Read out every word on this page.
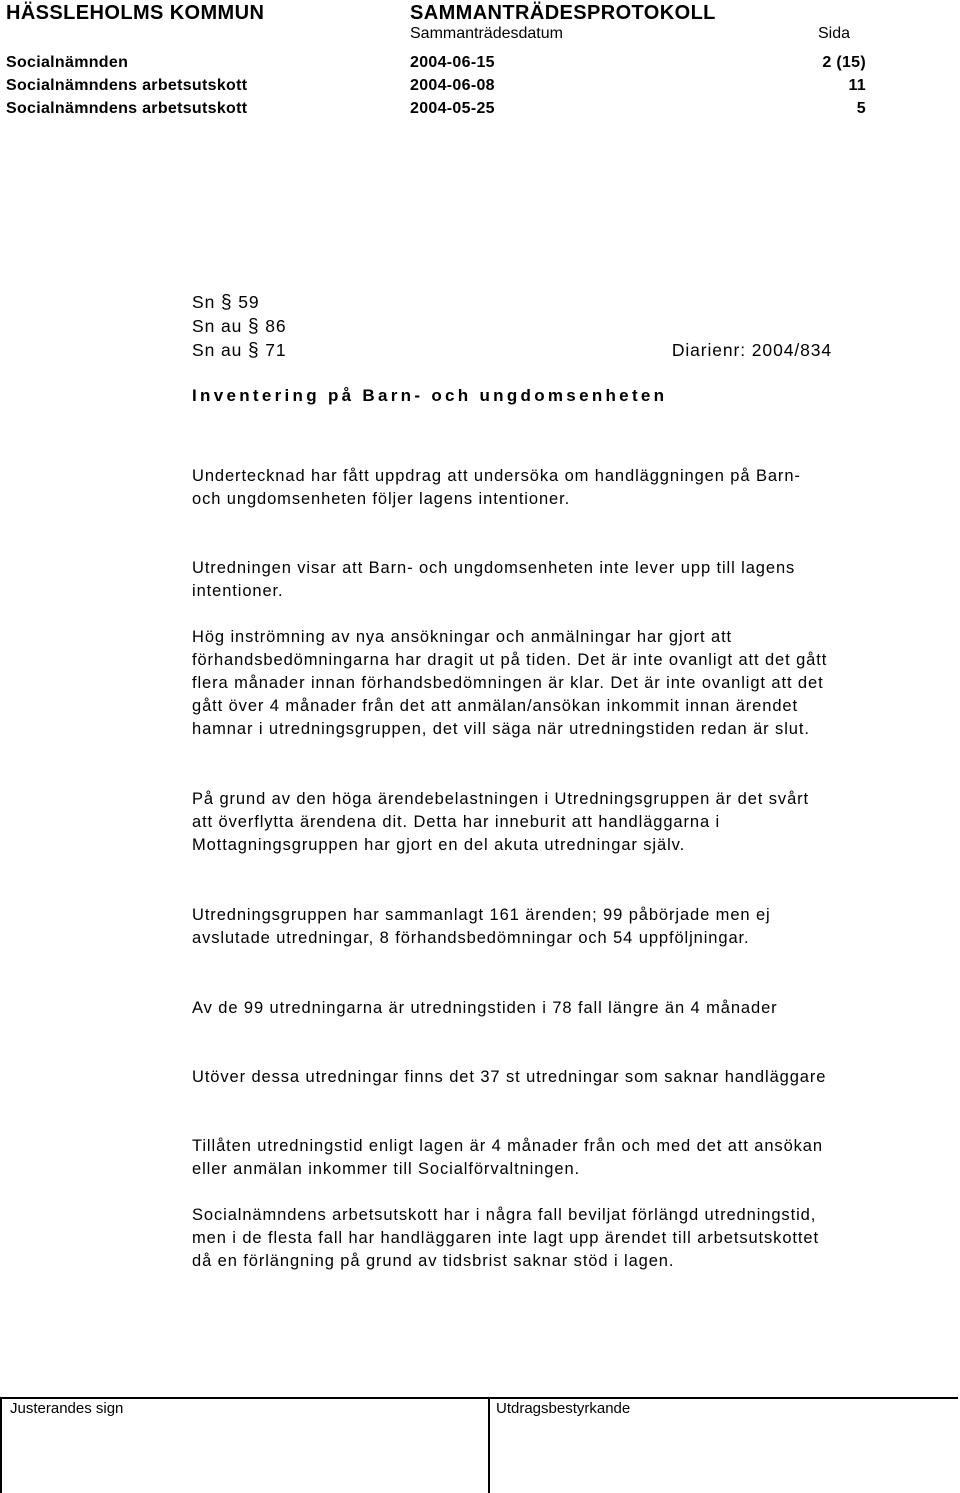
HÄSSLEHOLMS KOMMUN	SAMMANTRÄDESPROTOKOLL
Sammanträdesdatum	Sida
Socialnämnden	2004-06-15	2 (15)
Socialnämndens arbetsutskott	2004-06-08	11
Socialnämndens arbetsutskott	2004-05-25	5
Sn § 59
Sn au § 86
Sn au § 71	Diarienr: 2004/834
Inventering på Barn- och ungdomsenheten

Undertecknad har fått uppdrag att undersöka om handläggningen på Barn- och ungdomsenheten följer lagens intentioner.

Utredningen visar att Barn- och ungdomsenheten inte lever upp till lagens intentioner.

Hög inströmning av nya ansökningar och anmälningar har gjort att förhandsbedömningarna har dragit ut på tiden. Det är inte ovanligt att det gått flera månader innan förhandsbedömningen är klar. Det är inte ovanligt att det gått över 4 månader från det att anmälan/ansökan inkommit innan ärendet hamnar i utredningsgruppen, det vill säga när utredningstiden redan är slut.

På grund av den höga ärendebelastningen i Utredningsgruppen är det svårt att överflytta ärendena dit. Detta har inneburit att handläggarna i Mottagningsgruppen har gjort en del akuta utredningar själv.

Utredningsgruppen har sammanlagt 161 ärenden; 99 påbörjade men ej avslutade utredningar, 8 förhandsbedömningar och 54 uppföljningar.

Av de 99 utredningarna är utredningstiden i 78 fall längre än 4 månader

Utöver dessa utredningar finns det 37 st utredningar som saknar handläggare

Tillåten utredningstid enligt lagen är 4 månader från och med det att ansökan eller anmälan inkommer till Socialförvaltningen.

Socialnämndens arbetsutskott har i några fall beviljat förlängd utredningstid, men i de flesta fall har handläggaren inte lagt upp ärendet till arbetsutskottet då en förlängning på grund av tidsbrist saknar stöd i lagen.

Justerandes sign	Utdragsbestyrkande
